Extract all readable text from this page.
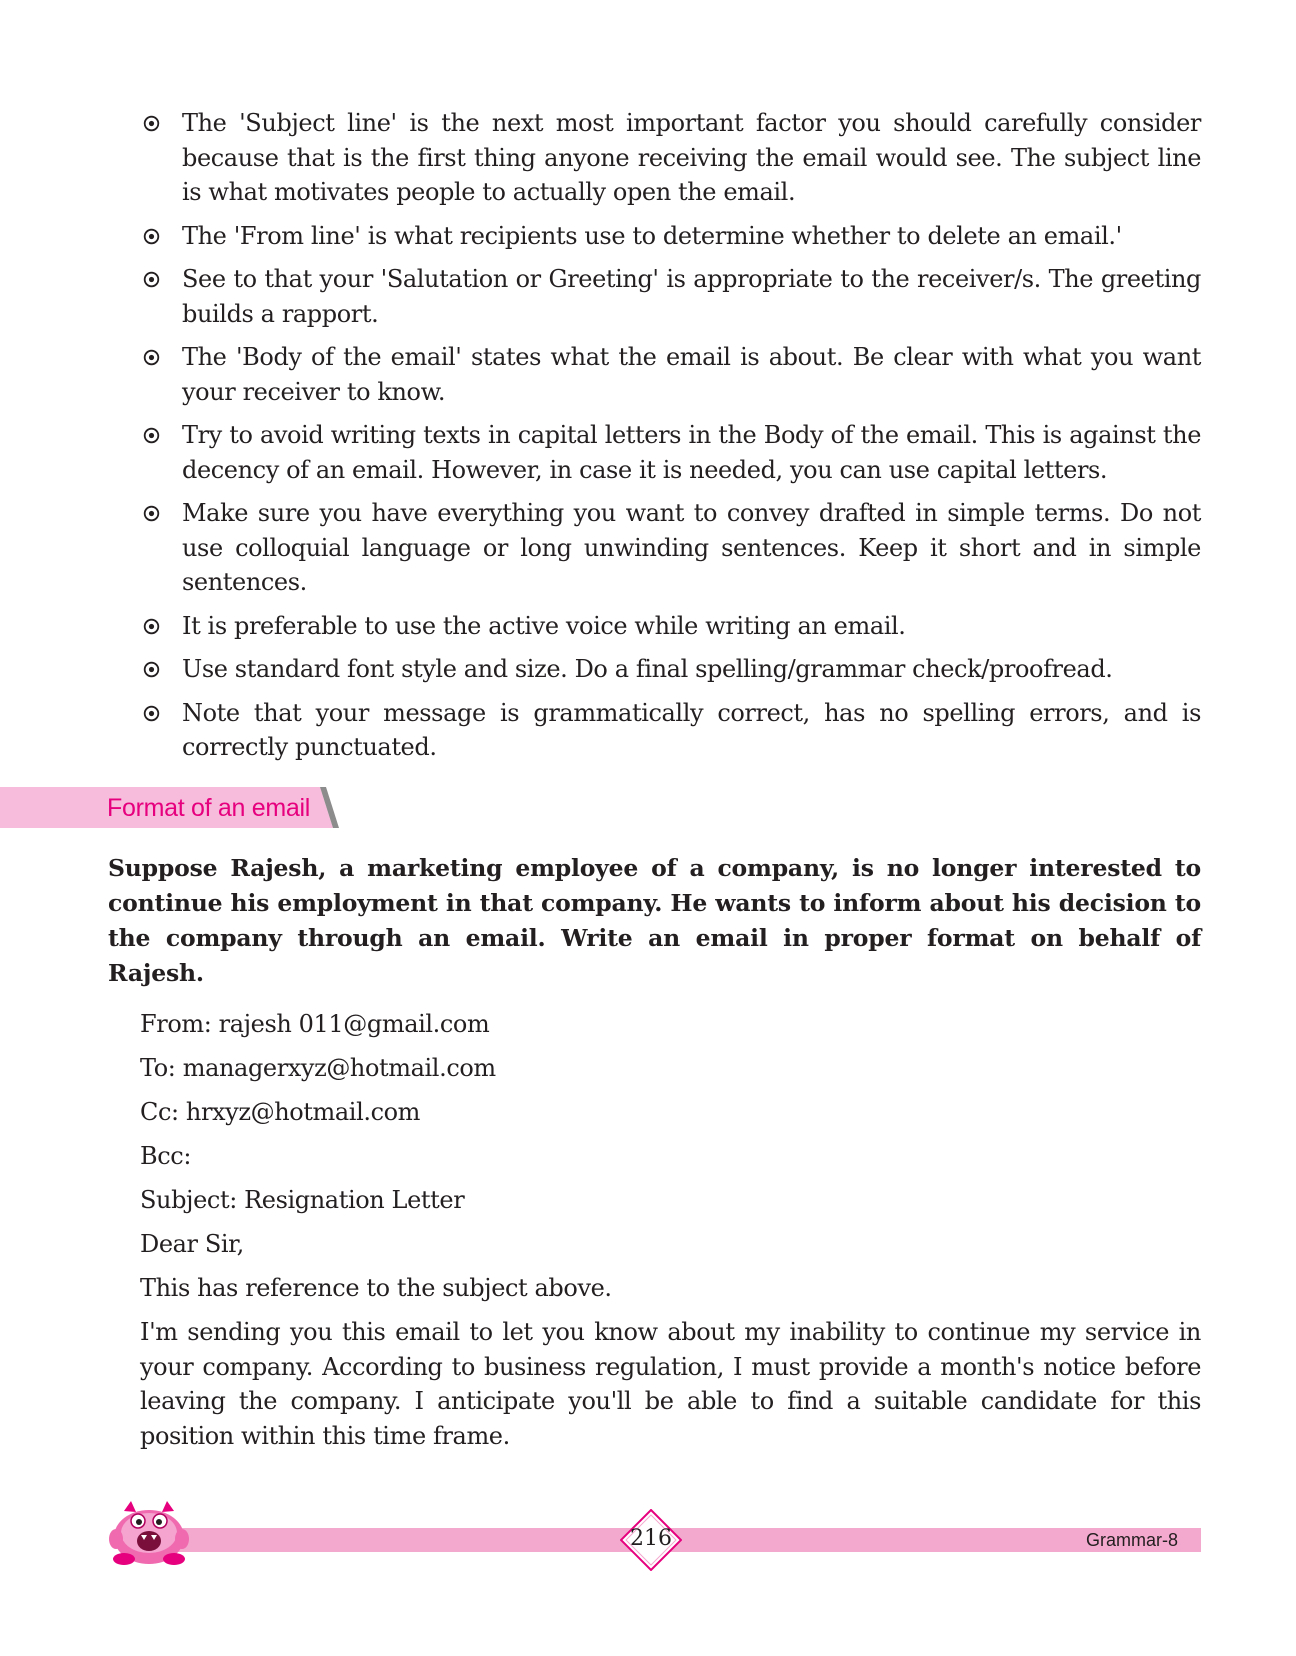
The 'Subject line' is the next most important factor you should carefully consider because that is the first thing anyone receiving the email would see. The subject line is what motivates people to actually open the email.
The 'From line' is what recipients use to determine whether to delete an email.'
See to that your 'Salutation or Greeting' is appropriate to the receiver/s. The greeting builds a rapport.
The 'Body of the email' states what the email is about. Be clear with what you want your receiver to know.
Try to avoid writing texts in capital letters in the Body of the email. This is against the decency of an email. However, in case it is needed, you can use capital letters.
Make sure you have everything you want to convey drafted in simple terms. Do not use colloquial language or long unwinding sentences. Keep it short and in simple sentences.
It is preferable to use the active voice while writing an email.
Use standard font style and size. Do a final spelling/grammar check/proofread.
Note that your message is grammatically correct, has no spelling errors, and is correctly punctuated.
Format of an email

Suppose Rajesh, a marketing employee of a company, is no longer interested to continue his employment in that company. He wants to inform about his decision to the company through an email. Write an email in proper format on behalf of Rajesh.

From: rajesh 011@gmail.com
To: managerxyz@hotmail.com
Cc: hrxyz@hotmail.com
Bcc:
Subject: Resignation Letter
Dear Sir,
This has reference to the subject above.

I'm sending you this email to let you know about my inability to continue my service in your company. According to business regulation, I must provide a month's notice before leaving the company. I anticipate you'll be able to find a suitable candidate for this position within this time frame.

216	Grammar-8
